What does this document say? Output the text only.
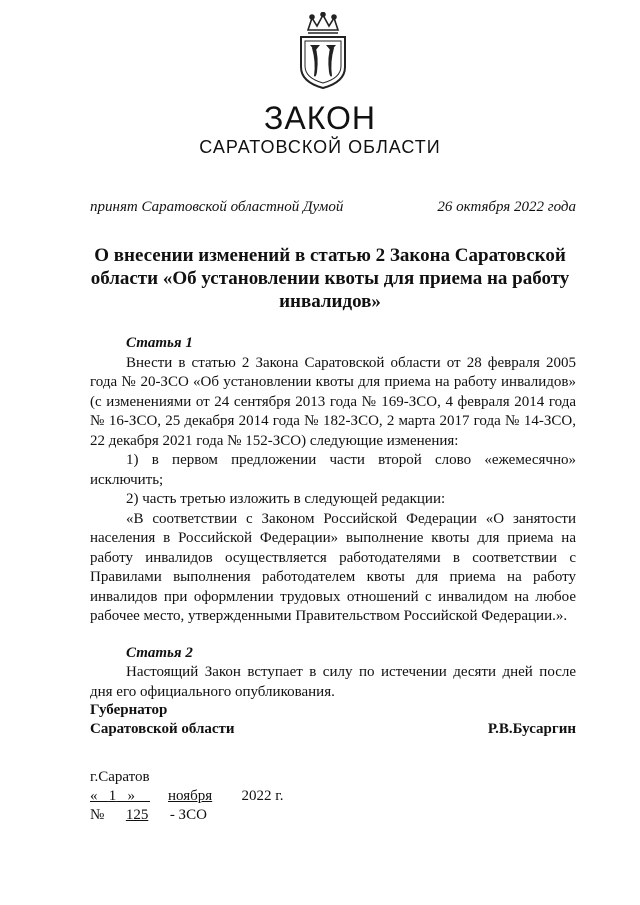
ЗАКОН
САРАТОВСКОЙ ОБЛАСТИ
принят Саратовской областной Думой	26 октября 2022 года
О внесении изменений в статью 2 Закона Саратовской области «Об установлении квоты для приема на работу инвалидов»

Статья 1

Внести в статью 2 Закона Саратовской области от 28 февраля 2005 года № 20-ЗСО «Об установлении квоты для приема на работу инвалидов» (с изменениями от 24 сентября 2013 года № 169-ЗСО, 4 февраля 2014 года № 16-ЗСО, 25 декабря 2014 года № 182-ЗСО, 2 марта 2017 года № 14-ЗСО, 22 декабря 2021 года № 152-ЗСО) следующие изменения:

1) в первом предложении части второй слово «ежемесячно» исключить;

2) часть третью изложить в следующей редакции:

«В соответствии с Законом Российской Федерации «О занятости населения в Российской Федерации» выполнение квоты для приема на работу инвалидов осуществляется работодателями в соответствии с Правилами выполнения работодателем квоты для приема на работу инвалидов при оформлении трудовых отношений с инвалидом на любое рабочее место, утвержденными Правительством Российской Федерации.».

Статья 2

Настоящий Закон вступает в силу по истечении десяти дней после дня его официального опубликования.

Губернатор
Саратовской области	Р.В.Бусаргин
г.Саратов
« 1 » ноября 2022 г.
№ 125 - ЗСО
